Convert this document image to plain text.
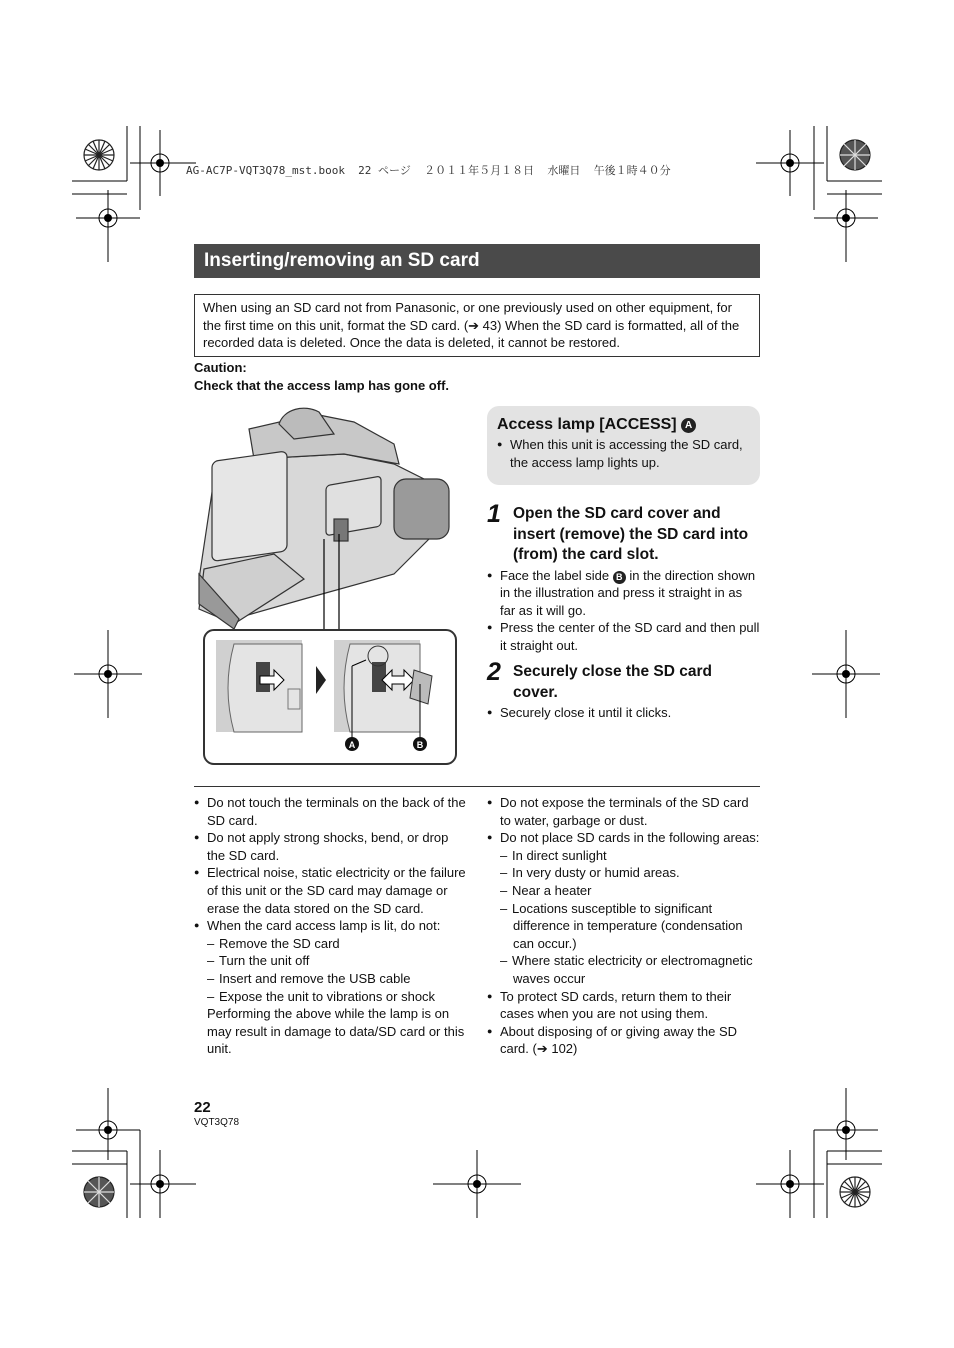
AG-AC7P-VQT3Q78_mst.book  22 ページ  ２０１１年５月１８日  水曜日  午後１時４０分
Inserting/removing an SD card
When using an SD card not from Panasonic, or one previously used on other equipment, for the first time on this unit, format the SD card. (➔ 43) When the SD card is formatted, all of the recorded data is deleted. Once the data is deleted, it cannot be restored.
Caution:
Check that the access lamp has gone off.
A	B
Access lamp [ACCESS] A
● When this unit is accessing the SD card, the access lamp lights up.
1 Open the SD card cover and insert (remove) the SD card into (from) the card slot.
● Face the label side B in the direction shown in the illustration and press it straight in as far as it will go.
● Press the center of the SD card and then pull it straight out.
2 Securely close the SD card cover.
● Securely close it until it clicks.
● Do not touch the terminals on the back of the SD card.
● Do not apply strong shocks, bend, or drop the SD card.
● Electrical noise, static electricity or the failure of this unit or the SD card may damage or erase the data stored on the SD card.
● When the card access lamp is lit, do not:
– Remove the SD card
– Turn the unit off
– Insert and remove the USB cable
– Expose the unit to vibrations or shock
Performing the above while the lamp is on may result in damage to data/SD card or this unit.
● Do not expose the terminals of the SD card to water, garbage or dust.
● Do not place SD cards in the following areas:
– In direct sunlight
– In very dusty or humid areas.
– Near a heater
– Locations susceptible to significant difference in temperature (condensation can occur.)
– Where static electricity or electromagnetic waves occur
● To protect SD cards, return them to their cases when you are not using them.
● About disposing of or giving away the SD card. (➔ 102)
22
VQT3Q78
